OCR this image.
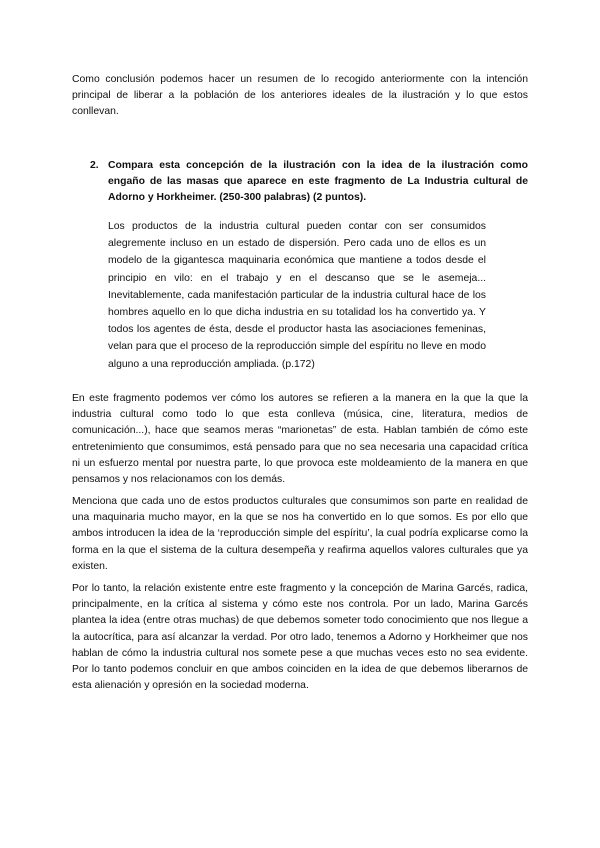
Como conclusión podemos hacer un resumen de lo recogido anteriormente con la intención principal de liberar a la población de los anteriores ideales de la ilustración y lo que estos conllevan.

2. Compara esta concepción de la ilustración con la idea de la ilustración como engaño de las masas que aparece en este fragmento de La Industria cultural de Adorno y Horkheimer. (250-300 palabras) (2 puntos).

Los productos de la industria cultural pueden contar con ser consumidos alegremente incluso en un estado de dispersión. Pero cada uno de ellos es un modelo de la gigantesca maquinaria económica que mantiene a todos desde el principio en vilo: en el trabajo y en el descanso que se le asemeja... Inevitablemente, cada manifestación particular de la industria cultural hace de los hombres aquello en lo que dicha industria en su totalidad los ha convertido ya. Y todos los agentes de ésta, desde el productor hasta las asociaciones femeninas, velan para que el proceso de la reproducción simple del espíritu no lleve en modo alguno a una reproducción ampliada. (p.172)

En este fragmento podemos ver cómo los autores se refieren a la manera en la que la que la industria cultural como todo lo que esta conlleva (música, cine, literatura, medios de comunicación...), hace que seamos meras “marionetas” de esta. Hablan también de cómo este entretenimiento que consumimos, está pensado para que no sea necesaria una capacidad crítica ni un esfuerzo mental por nuestra parte, lo que provoca este moldeamiento de la manera en que pensamos y nos relacionamos con los demás.

Menciona que cada uno de estos productos culturales que consumimos son parte en realidad de una maquinaria mucho mayor, en la que se nos ha convertido en lo que somos. Es por ello que ambos introducen la idea de la ‘reproducción simple del espíritu’, la cual podría explicarse como la forma en la que el sistema de la cultura desempeña y reafirma aquellos valores culturales que ya existen.

Por lo tanto, la relación existente entre este fragmento y la concepción de Marina Garcés, radica, principalmente, en la crítica al sistema y cómo este nos controla. Por un lado, Marina Garcés plantea la idea (entre otras muchas) de que debemos someter todo conocimiento que nos llegue a la autocrítica, para así alcanzar la verdad. Por otro lado, tenemos a Adorno y Horkheimer que nos hablan de cómo la industria cultural nos somete pese a que muchas veces esto no sea evidente. Por lo tanto podemos concluir en que ambos coinciden en la idea de que debemos liberarnos de esta alienación y opresión en la sociedad moderna.
